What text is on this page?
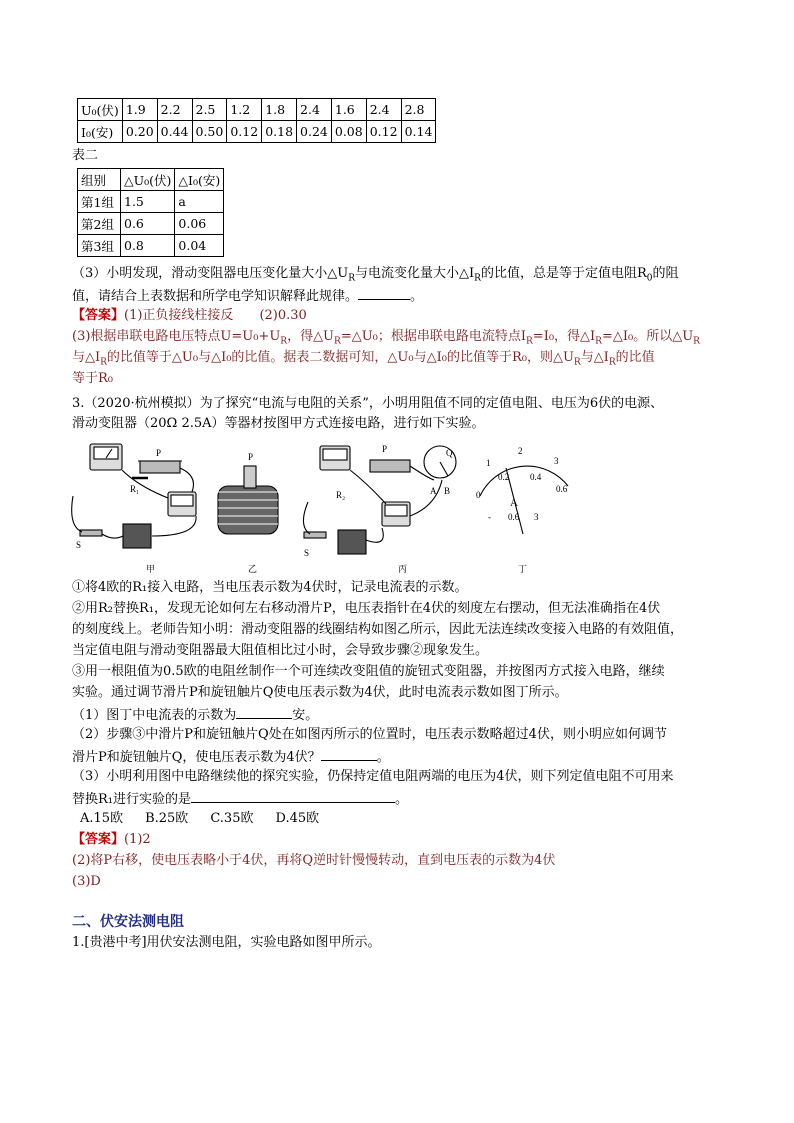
U₀(伏)	1.9	2.2	2.5	1.2	1.8	2.4	1.6	2.4	2.8
I₀(安)	0.20	0.44	0.50	0.12	0.18	0.24	0.08	0.12	0.14
表二
组别	△U₀(伏)	△I₀(安)
第1组	1.5	a
第2组	0.6	0.06
第3组	0.8	0.04
（3）小明发现，滑动变阻器电压变化量大小$\triangle U_R$与电流变化量大小$\triangle I_R$的比值，总是等于定值电阻$R_0$的阻
值，请结合上表数据和所学电学知识解释此规律。	。
【答案】(1)正负接线柱接反 (2)0.30
(3)根据串联电路电压特点$U=U_0+U_R$，得$\triangle U_R=\triangle U_0$；根据串联电路电流特点$I_R=I_0$，得$\triangle I_R=\triangle I_0$。所以$\triangle U_R$
与$\triangle I_R$的比值等于△U₀与△I₀的比值。据表二数据可知，△U₀与△I₀的比值等于R₀，则$\triangle U_R$与$\triangle I_R$的比值
等于R₀
3.（2020·杭州模拟）为了探究“电流与电阻的关系”，小明用阻值不同的定值电阻、电压为6伏的电源、
滑动变阻器（20Ω 2.5A）等器材按图甲方式连接电路，进行如下实验。
P
R₁
S
甲
P
乙
P
R₂
Q
A B
S
丙
0
0.2 0.4
0.6
1
2
3
A
- 0.6 3
丁
①将4欧的R₁接入电路，当电压表示数为4伏时，记录电流表的示数。
②用R₂替换R₁，发现无论如何左右移动滑片P，电压表指针在4伏的刻度左右摆动，但无法准确指在4伏
的刻度线上。老师告知小明：滑动变阻器的线圈结构如图乙所示，因此无法连续改变接入电路的有效阻值，
当定值电阻与滑动变阻器最大阻值相比过小时，会导致步骤②现象发生。
③用一根阻值为0.5欧的电阻丝制作一个可连续改变阻值的旋钮式变阻器，并按图丙方式接入电路，继续
实验。通过调节滑片P和旋钮触片Q使电压表示数为4伏，此时电流表示数如图丁所示。
（1）图丁中电流表的示数为	安。
（2）步骤③中滑片P和旋钮触片Q处在如图丙所示的位置时，电压表示数略超过4伏，则小明应如何调节
滑片P和旋钮触片Q，使电压表示数为4伏？	。
（3）小明利用图中电路继续他的探究实验，仍保持定值电阻两端的电压为4伏，则下列定值电阻不可用来
替换R₁进行实验的是	。
A.15欧 B.25欧 C.35欧 D.45欧
【答案】(1)2
(2)将P右移，使电压表略小于4伏，再将Q逆时针慢慢转动，直到电压表的示数为4伏
(3)D
二、伏安法测电阻
1.[贵港中考]用伏安法测电阻，实验电路如图甲所示。
